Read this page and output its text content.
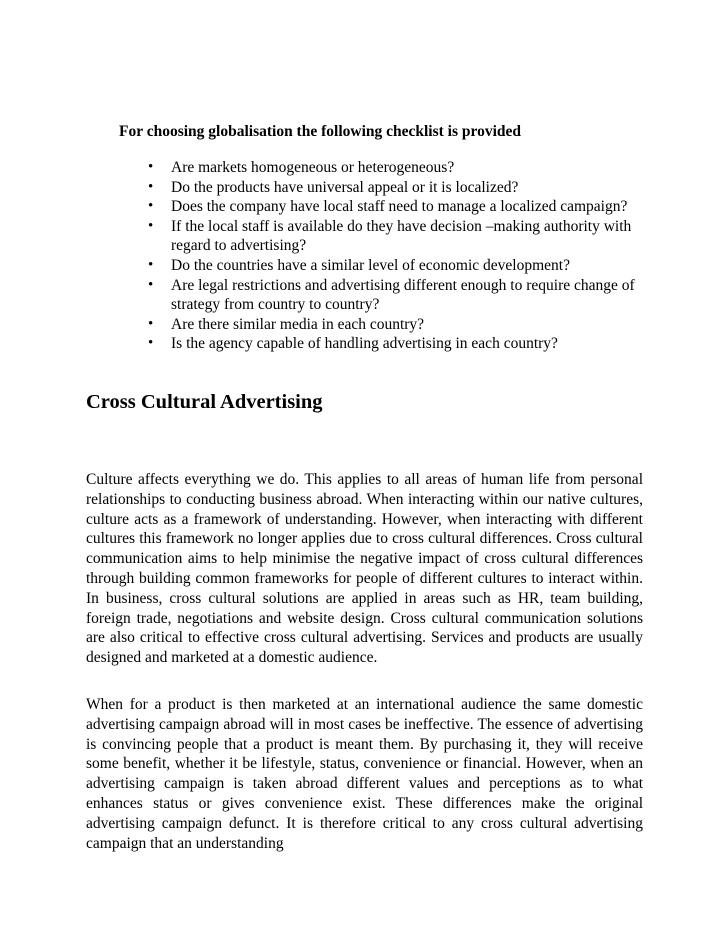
For choosing globalisation the following checklist is provided
• Are markets homogeneous or heterogeneous?
• Do the products have universal appeal or it is localized?
• Does the company have local staff need to manage a localized campaign?
• If the local staff is available do they have decision –making authority with regard to advertising?
• Do the countries have a similar level of economic development?
• Are legal restrictions and advertising different enough to require change of strategy from country to country?
• Are there similar media in each country?
• Is the agency capable of handling advertising in each country?
Cross Cultural Advertising

Culture affects everything we do. This applies to all areas of human life from personal relationships to conducting business abroad. When interacting within our native cultures, culture acts as a framework of understanding. However, when interacting with different cultures this framework no longer applies due to cross cultural differences. Cross cultural communication aims to help minimise the negative impact of cross cultural differences through building common frameworks for people of different cultures to interact within. In business, cross cultural solutions are applied in areas such as HR, team building, foreign trade, negotiations and website design. Cross cultural communication solutions are also critical to effective cross cultural advertising. Services and products are usually designed and marketed at a domestic audience.

When for a product is then marketed at an international audience the same domestic advertising campaign abroad will in most cases be ineffective. The essence of advertising is convincing people that a product is meant them. By purchasing it, they will receive some benefit, whether it be lifestyle, status, convenience or financial. However, when an advertising campaign is taken abroad different values and perceptions as to what enhances status or gives convenience exist. These differences make the original advertising campaign defunct. It is therefore critical to any cross cultural advertising campaign that an understanding
